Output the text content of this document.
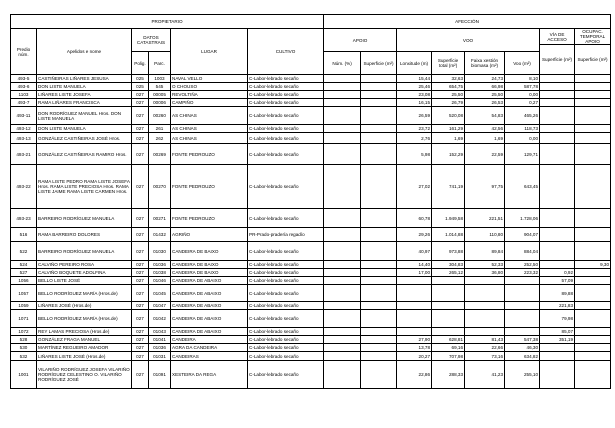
PROPIETARIO						AFECCIÓN							
Predio núm.	Apelidos e nome	DATOS CATASTRAIS		LUGAR	CULTIVO	APOIO		VOO				VÍA DE ACCESO	OCUPAC. TEMPORAL APOIO
												Superficie (m²)	Superficie (m²)
		Polig.	Parc.			Núm. (%)	Superficie (m²)	Lonxitude (m)	Superficie total (m²)	Faixa xestión biomasa (m²)	Voo (m²)		
493-5	CASTIÑEIRAS LIÑARES JESUSA	025	1003	NAVAL VELLO	C-Labor-lebrado secaño			15,44	32,63	24,73	8,10		
493-6	DON LISTE MANUELA	025	545	O CHOUSO	C-Labor-lebrado secaño			25,46	654,75	66,98	587,78		
1103	LIÑARES LISTE JOSEFA	027	00005	REVOLTIÑA	C-Labor-lebrado secaño			23,08	25,50	25,50	0,00		
493-7	RAMA LIÑARES FRANCISCA	027	00006	CAMPIÑO	C-Labor-lebrado secaño			16,15	26,79	26,53	0,27		
493-11	DON RODRÍGUEZ MANUEL Hros. DON LISTE MANUELA	027	00260	AS CHINAS	C-Labor-lebrado secaño			26,59	520,08	54,83	465,26		
493-12	DON LISTE MANUELA	027	261	AS CHINAS	C-Labor-lebrado secaño			23,72	161,29	42,56	118,73		
493-13	GONZÁLEZ CASTIÑEIRAS JOSÉ Hros.	027	262	AS CHINAS	C-Labor-lebrado secaño			2,76	1,69	1,69	0,00		
493-21	GONZÁLEZ CASTIÑEIRAS RAMIRO Hros.	027	00269	FONTE PEDROUZO	C-Labor-lebrado secaño			5,98	152,29	22,59	129,71		
493-22	RAMA LISTE PEDRO RAMA LISTE JOSEFA Hros. RAMA LISTE PRECIOSA Hros. RAMA LISTE JAIME RAMA LISTE CARMEN Hros.	027	00270	FONTE PEDROUZO	C-Labor-lebrado secaño			27,02	741,19	97,75	643,45		
493-23	BARREIRO RODRÍGUEZ MANUELA	027	00271	FONTE PEDROUZO	C-Labor-lebrado secaño			60,78	1.949,58	221,51	1.728,06		
516	RAMA BARREIRO DOLORES	027	01432	AGRIÑO	PR-Prado-pradería regadío			29,26	1.014,88	110,80	904,07		
522	BARREIRO RODRÍGUEZ MANUELA	027	01030	CANDEIRA DE BAIXO	C-Labor-lebrado secaño			40,97	973,88	89,84	884,04		
524	CALVIÑO PEREIRO ROSA	027	01036	CANDEIRA DE BAIXO	C-Labor-lebrado secaño			14,40	304,83	52,33	252,50		9,30
527	CALVIÑO BOQUETE ADOLFINA	027	01038	CANDEIRA DE BAIXO	C-Labor-lebrado secaño			17,00	265,12	36,80	223,32	0,92	
1056	BELLO LISTE JOSÉ	027	01046	CANDEIRA DE ABAIXO	C-Labor-lebrado secaño							57,09	
1057	BELLO RODRÍGUEZ MARÍA (Hros.de)	027	01045	CANDEIRA DE ABAIXO	C-Labor-lebrado secaño							89,88	
1059	LIÑARES JOSÉ (Hros.de)	027	01047	CANDEIRA DE ABAIXO	C-Labor-lebrado secaño							221,83	
1071	BELLO RODRÍGUEZ MARÍA (Hros.de)	027	01042	CANDEIRA DE ABAIXO	C-Labor-lebrado secaño							79,98	
1072	REY LAMAS PRECIOSA (Hros.de)	027	01043	CANDEIRA DE ABAIXO	C-Labor-lebrado secaño							85,07	
528	GONZÁLEZ FRAGA MANUEL	027	01041	CANDEIRA	C-Labor-lebrado secaño			27,90	628,81	81,43	547,38	351,19	
530	MARTÍNEZ REGUEIRO AMADOR	027	01036	AGRA DA CANDEIRA	C-Labor-lebrado secaño			13,78	69,16	22,66	46,30		
532	LIÑARES LISTE JOSÉ (Hros.de)	027	01031	CANDEIRAS	C-Labor-lebrado secaño			20,27	707,98	73,16	634,82		
1001	VILARIÑO RODRÍGUEZ JOSEFA VILARIÑO RODRÍGUEZ CELESTINO O. VILARIÑO RODRÍGUEZ JOSÉ	027	01091	XESTEIRA DA REGA	C-Labor-lebrado secaño			22,86	288,33	41,23	255,10		
